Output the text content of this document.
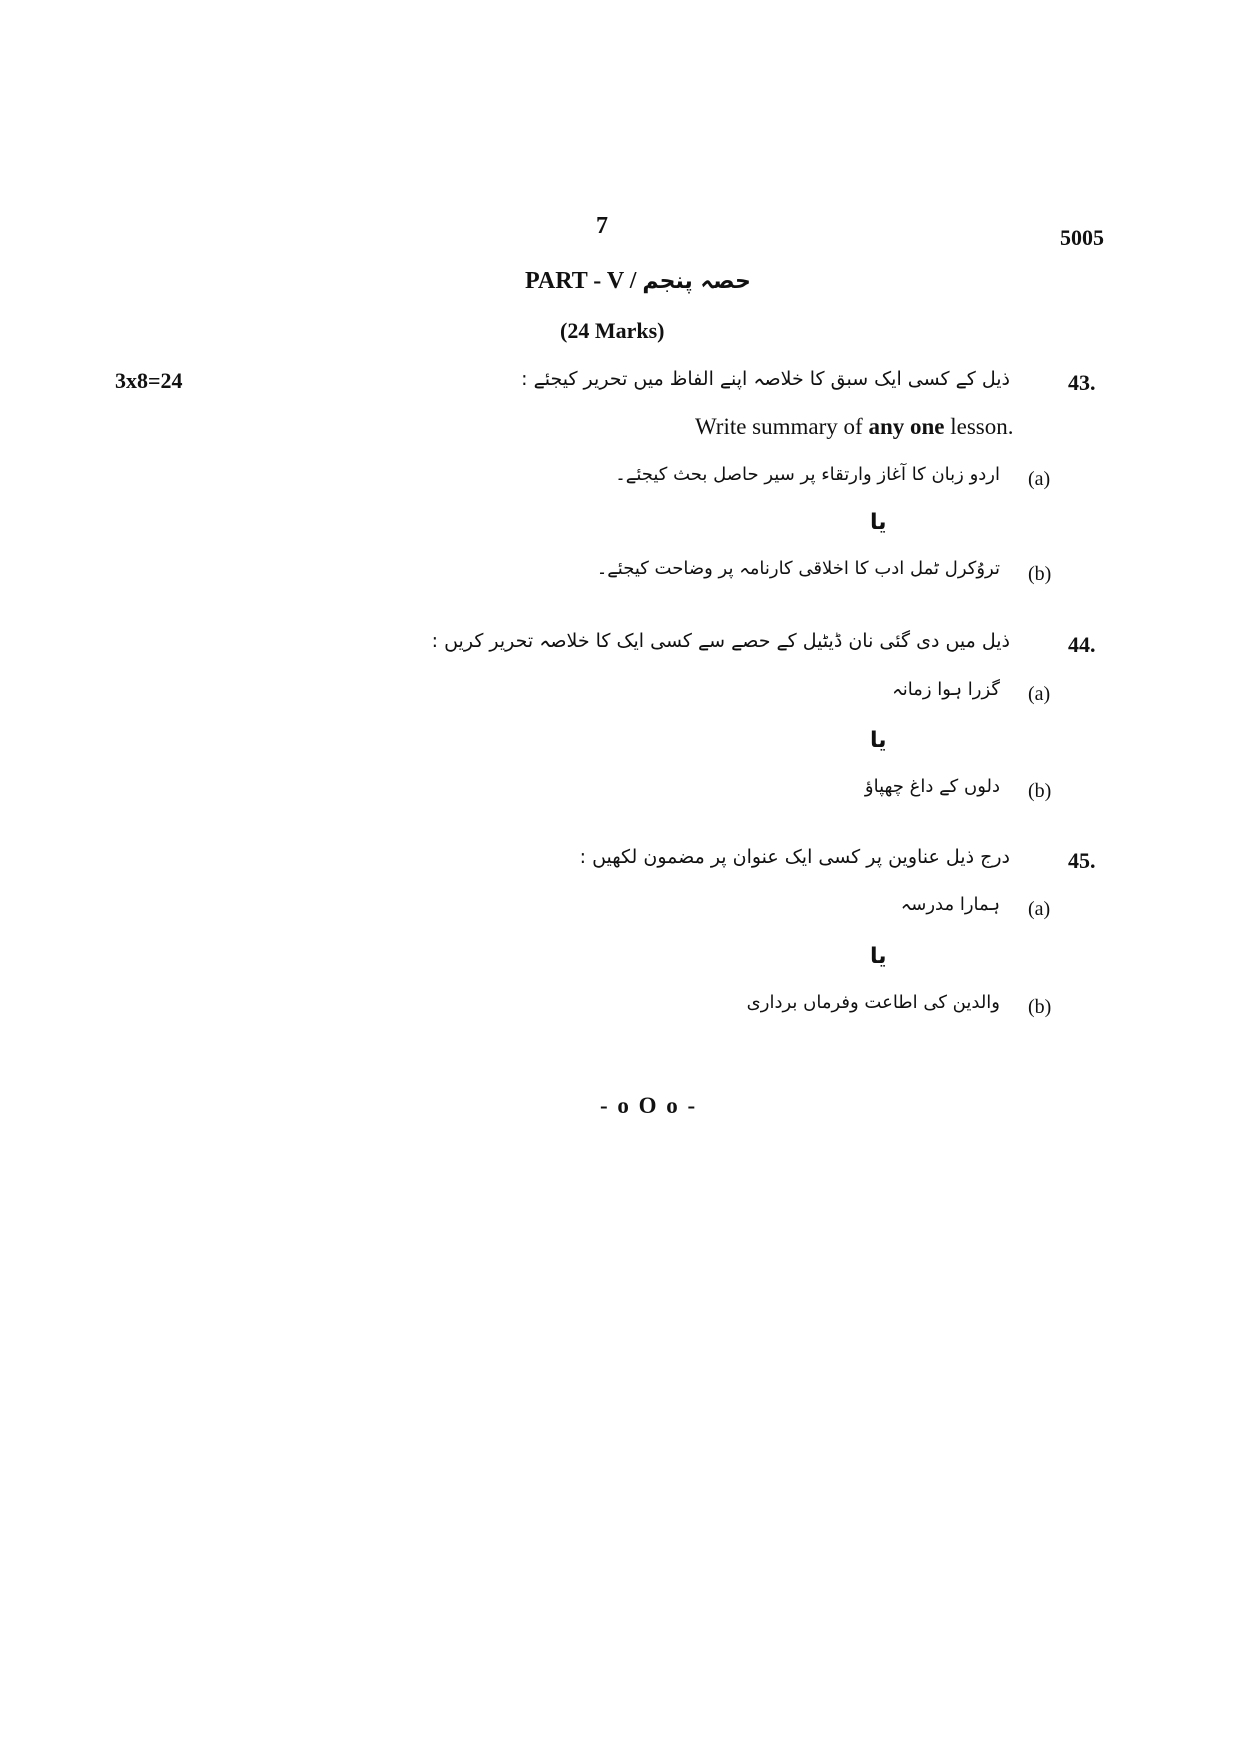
7	5005
PART - V / حصہ پنجم
(24 Marks)
3x8=24	43.
ذیل کے کسی ایک سبق کا خلاصہ اپنے الفاظ میں تحریر کیجئے :
Write summary of any one lesson.
(a)
اردو زبان کا آغاز وارتقاء پر سیر حاصل بحث کیجئے۔
یا
(b)
تروُکرل ٹمل ادب کا اخلاقی کارنامہ پر وضاحت کیجئے۔
44.
ذیل میں دی گئی نان ڈیٹیل کے حصے سے کسی ایک کا خلاصہ تحریر کریں :
(a)
گزرا ہوا زمانہ
یا
(b)
دلوں کے داغ چھپاؤ
45.
درج ذیل عناوین پر کسی ایک عنوان پر مضمون لکھیں :
(a)
ہمارا مدرسہ
یا
(b)
والدین کی اطاعت وفرماں برداری
- o O o -
